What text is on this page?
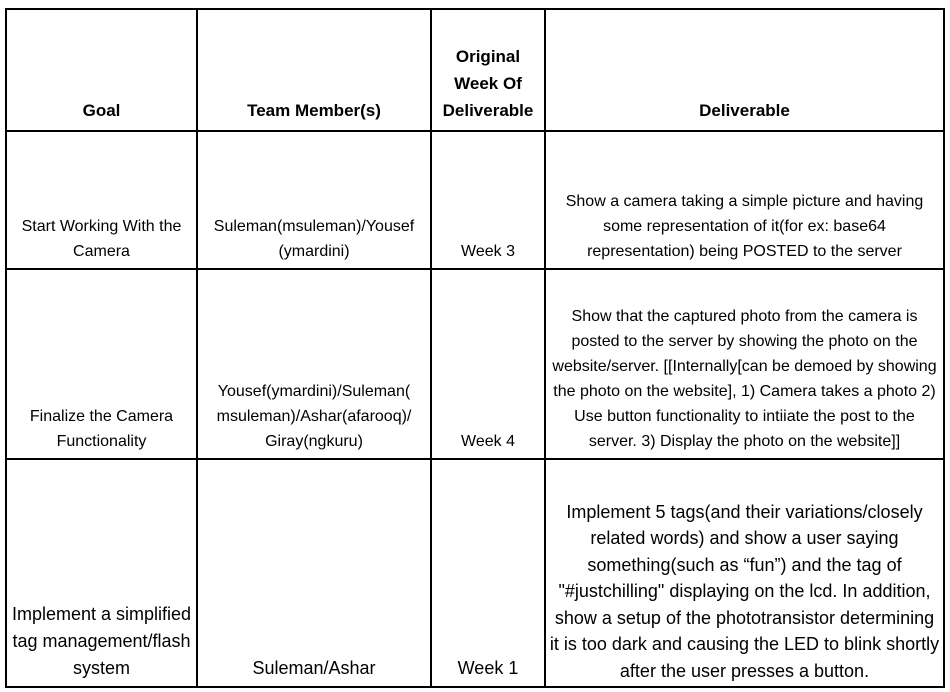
Goal	Team Member(s)	Original Week Of Deliverable	Deliverable
Start Working With the Camera	Suleman(msuleman)/Yousef (ymardini)	Week 3	Show a camera taking a simple picture and having some representation of it(for ex: base64 representation) being POSTED to the server
Finalize the Camera Functionality	Yousef(ymardini)/Suleman( msuleman)/Ashar(afarooq)/ Giray(ngkuru)	Week 4	Show that the captured photo from the camera is posted to the server by showing the photo on the website/server. [[Internally[can be demoed by showing the photo on the website], 1) Camera takes a photo 2) Use button functionality to intiiate the post to the server. 3) Display the photo on the website]]
Implement a simplified tag management/flash system	Suleman/Ashar	Week 1	Implement 5 tags(and their variations/closely related words) and show a user saying something(such as “fun”) and the tag of "#justchilling" displaying on the lcd. In addition, show a setup of the phototransistor determining it is too dark and causing the LED to blink shortly after the user presses a button.
